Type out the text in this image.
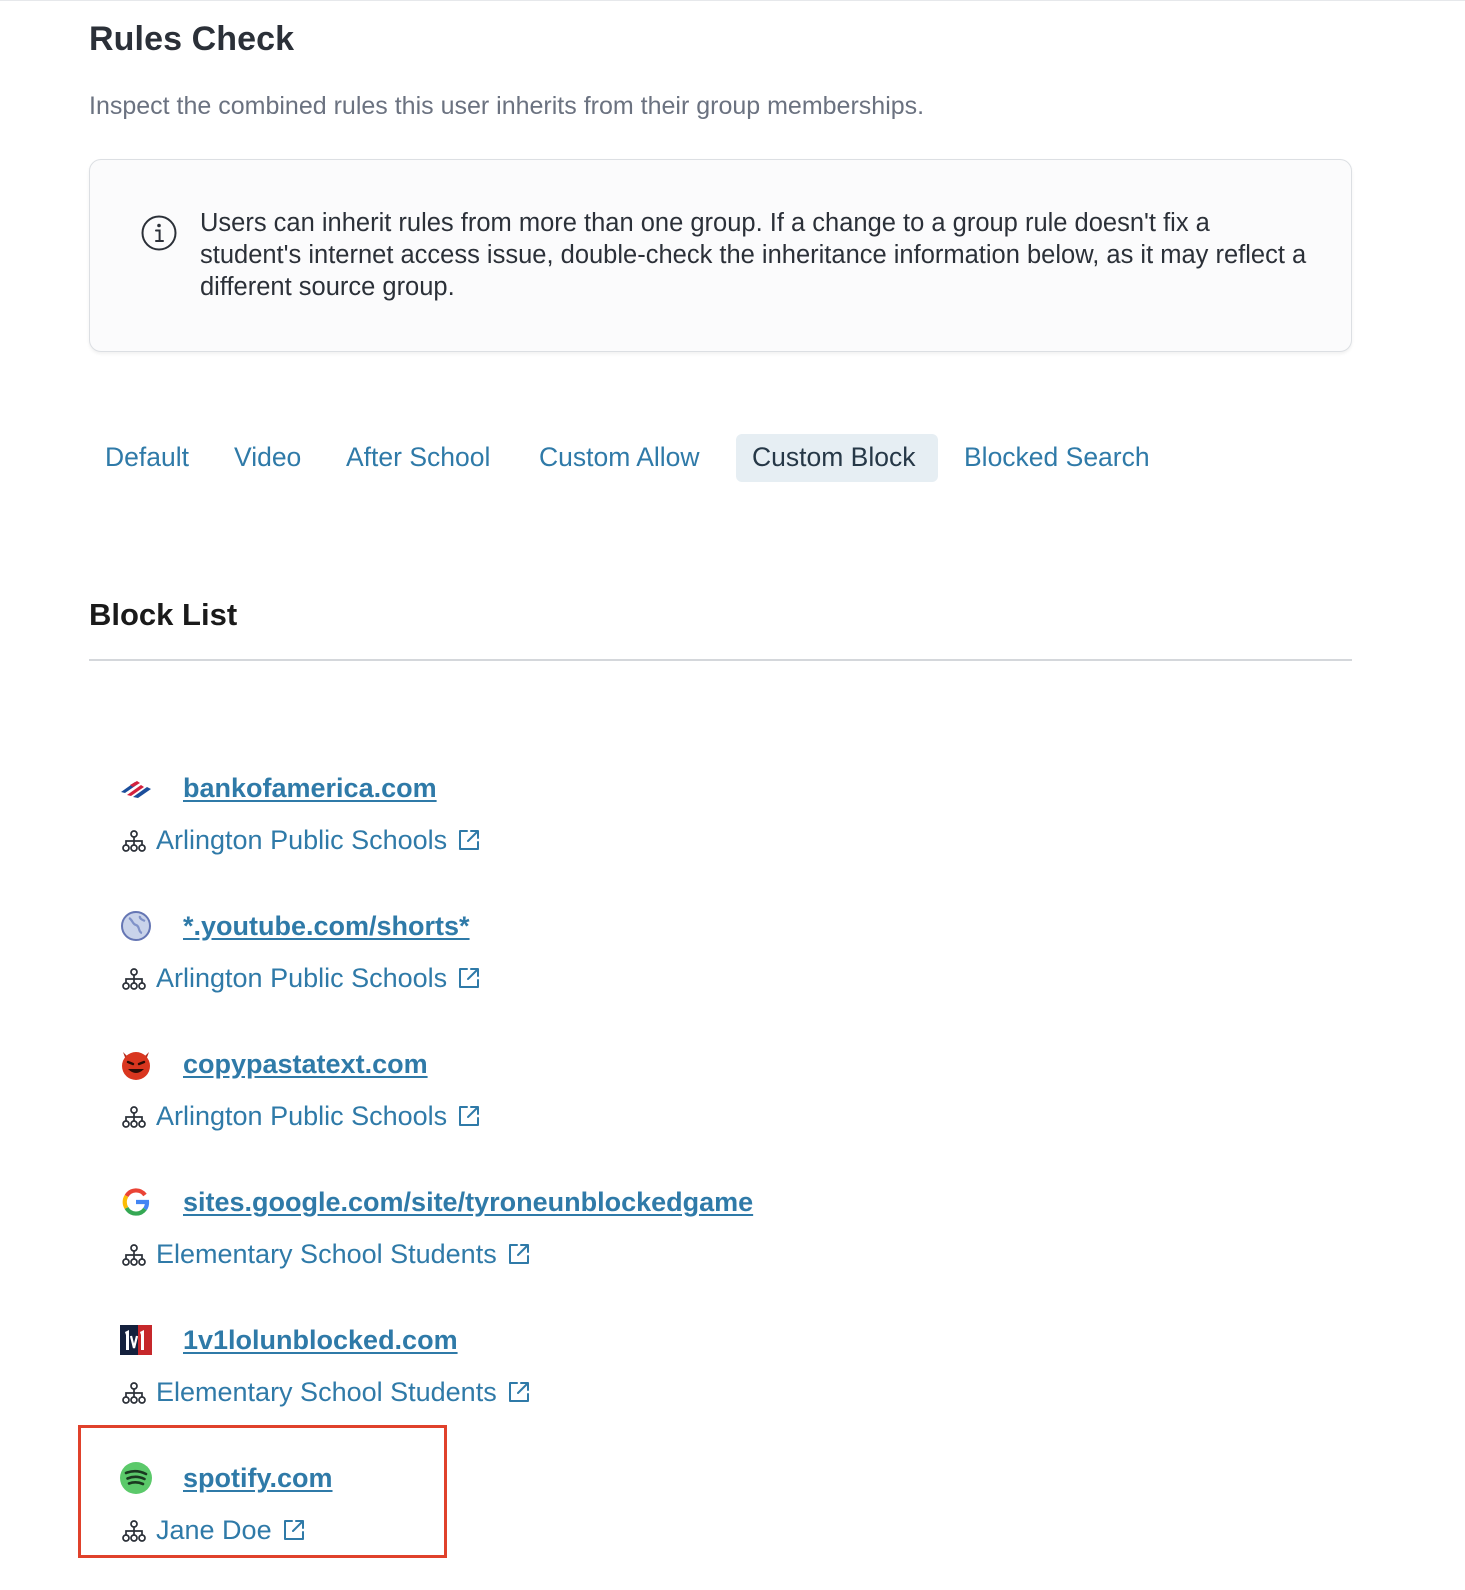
Rules Check

Inspect the combined rules this user inherits from their group memberships.

Users can inherit rules from more than one group. If a change to a group rule doesn't fix a student's internet access issue, double-check the inheritance information below, as it may reflect a different source group.

Default	Video	After School	Custom Allow	Custom Block	Blocked Search
Block List
bankofamerica.com
Arlington Public Schools
*.youtube.com/shorts*
Arlington Public Schools
copypastatext.com
Arlington Public Schools
sites.google.com/site/tyroneunblockedgame
Elementary School Students
1v1lolunblocked.com
Elementary School Students
spotify.com
Jane Doe
